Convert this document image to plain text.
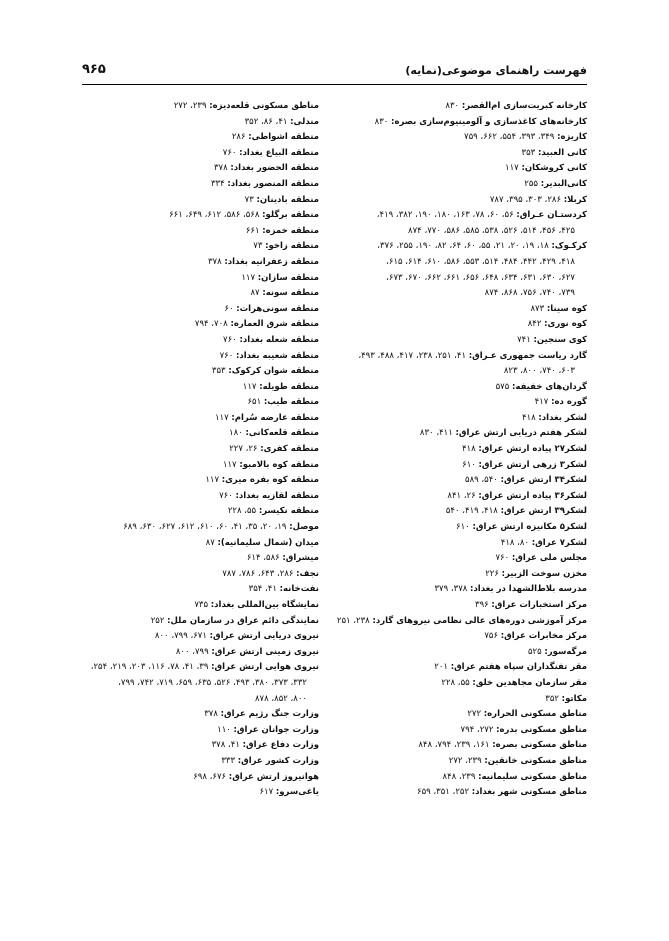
فهرست راهنمای موضوعی(نمایه)
۹۶۵
کارخانه کبریت‌سازی ام‌القصر: ۸۳۰
کارخانه‌های کاغذسازی و آلومینیوم‌سازی بصره: ۸۳۰
کاریزه: ۳۴۹، ۳۹۳، ۵۵۴، ۶۶۲، ۷۵۹
کانی العبید: ۳۵۳
کانی کروشکان: ۱۱۷
کانی‌البدیر: ۲۵۵
کربلا: ۲۸۶، ۳۰۳، ۳۹۵، ۷۸۷
کردستـان عـراق: ۵۶، ۶۰، ۷۸، ۱۶۳، ۱۸۰، ۱۹۰، ۳۸۲، ۴۱۹،
۴۲۵، ۴۵۶، ۵۱۴، ۵۲۶، ۵۳۸، ۵۸۵، ۵۸۶، ۷۷۰، ۸۷۴
کرکـوک: ۱۸، ۱۹، ۲۰، ۲۱، ۵۵، ۶۰، ۶۴، ۸۲، ۱۹۰، ۲۵۵، ۳۷۶،
۴۱۸، ۴۲۹، ۴۴۲، ۴۸۴، ۵۱۴، ۵۵۳، ۵۸۶، ۶۱۰، ۶۱۴، ۶۱۵،
۶۲۷، ۶۳۰، ۶۳۱، ۶۳۴، ۶۴۸، ۶۵۶، ۶۶۱، ۶۶۲، ۶۷۰، ۶۷۳،
۷۳۹، ۷۴۰، ۷۵۶، ۸۶۸، ۸۷۴
کوه سینا: ۸۷۳
کوه نوری: ۸۴۲
کوی سنجین: ۷۴۱
گارد ریاست جمهوری عـراق: ۴۱، ۲۵۱، ۲۳۸، ۴۱۷، ۴۸۸، ۴۹۳،
۶۰۳، ۷۴۰، ۸۰۰، ۸۲۳
گردان‌های خفیفه: ۵۷۵
گوره ده: ۴۱۷
لشکر بغداد: ۴۱۸
لشکر هفتم دریایی ارتش عراق: ۴۱۱، ۸۳۰
لشکر۲۷ پیاده ارتش عراق: ۴۱۸
لشکر۳ زرهی ارتش عراق: ۶۱۰
لشکر۳۴ ارتش عراق: ۵۴۰، ۵۸۹
لشکر۳۶ پیاده ارتش عراق: ۲۶، ۸۴۱
لشکر۳۹ ارتش عراق: ۴۱۸، ۴۱۹، ۵۴۰
لشکر۵ مکانیزه ارتش عراق: ۶۱۰
لشکر۷ عراق: ۸۰، ۴۱۸
مجلس ملی عراق: ۷۶۰
مخزن سوخت الزبیر: ۲۲۶
مدرسه بلاط‌الشهدا در بغداد: ۳۷۸، ۳۷۹
مرکز استخبارات عراق: ۳۹۶
مرکز آموزشی دوره‌های عالی نظامی نیروهای گارد: ۲۳۸، ۲۵۱
مرکز مخابرات عراق: ۷۵۶
مرگه‌سور: ۵۲۵
مقر تفنگداران سپاه هفتم عراق: ۲۰۱
مقر سازمان مجاهدین خلق: ۵۵، ۲۲۸
مکاتو: ۳۵۲
مناطق مسکونی الحراره: ۲۷۲
مناطق مسکونی بدره: ۲۷۲، ۷۹۴
مناطق مسکونی بصره: ۱۶۱، ۲۳۹، ۷۹۴، ۸۴۸
مناطق مسکونی خانقین: ۲۳۹، ۲۷۲
مناطق مسکونی سلیمانیه: ۲۳۹، ۸۴۸
مناطق مسکونی شهر بغداد: ۲۵۲، ۳۵۱، ۶۵۹
مناطق مسکونی قلعه‌دیزه: ۲۳۹، ۲۷۲
مندلی: ۴۱، ۸۶، ۳۵۲
منطقه اشواطی: ۲۸۶
منطقه البیاع بغداد: ۷۶۰
منطقه الحضور بغداد: ۳۷۸
منطقه المنصور بغداد: ۳۳۴
منطقه بادینان: ۷۳
منطقه برگلو: ۵۶۸، ۵۸۶، ۶۱۲، ۶۴۹، ۶۶۱
منطقه خمزه: ۶۶۱
منطقه زاخو: ۷۳
منطقه زعفرانیه بغداد: ۳۷۸
منطقه سازان: ۱۱۷
منطقه سونه: ۸۷
منطقه سونی‌هرات: ۶۰
منطقه شرق العماره: ۷۰۸، ۷۹۴
منطقه شعله بغداد: ۷۶۰
منطقه شعیبه بغداد: ۷۶۰
منطقه شوان کرکوک: ۳۵۳
منطقه طویله: ۱۱۷
منطقه طیب: ۶۵۱
منطقه عارضه سُرام: ۱۱۷
منطقه قلعه‌کانی: ۱۸۰
منطقه کفری: ۲۶، ۲۲۷
منطقه کوه بالامبو: ۱۱۷
منطقه کوه بفره میری: ۱۱۷
منطقه لقازیه بغداد: ۷۶۰
منطقه نکیسر: ۵۵، ۲۲۸
موصل: ۱۹، ۲۰، ۳۵، ۴۱، ۶۰، ۶۱۰، ۶۱۲، ۶۲۷، ۶۳۰، ۶۸۹
میدان (شمال سلیمانیه): ۸۷
میشراق: ۵۸۶، ۶۱۴
نجف: ۲۸۶، ۶۴۳، ۷۸۶، ۷۸۷
نفت‌خانه: ۴۱، ۳۵۴
نمایشگاه بین‌المللی بغداد: ۷۳۵
نمایندگی دائم عراق در سازمان ملل: ۲۵۲
نیروی دریایی ارتش عراق: ۶۷۱، ۷۹۹، ۸۰۰
نیروی زمینی ارتش عراق: ۷۹۹، ۸۰۰
نیروی هوایی ارتش عراق: ۳۹، ۴۱، ۷۸، ۱۱۶، ۲۰۳، ۲۱۹، ۲۵۴،
۳۳۲، ۳۷۳، ۳۸۰، ۴۹۳، ۵۲۶، ۶۳۵، ۶۵۹، ۷۱۹، ۷۴۲، ۷۹۹،
۸۰۰، ۸۵۲، ۸۷۸
وزارت جنگ رژیم عراق: ۳۷۸
وزارت جوانان عراق: ۱۱۰
وزارت دفاع عراق: ۴۱، ۳۷۸
وزارت کشور عراق: ۳۳۳
هوانیروز ارتش عراق: ۶۷۶، ۶۹۸
یاغی‌سرو: ۶۱۷
